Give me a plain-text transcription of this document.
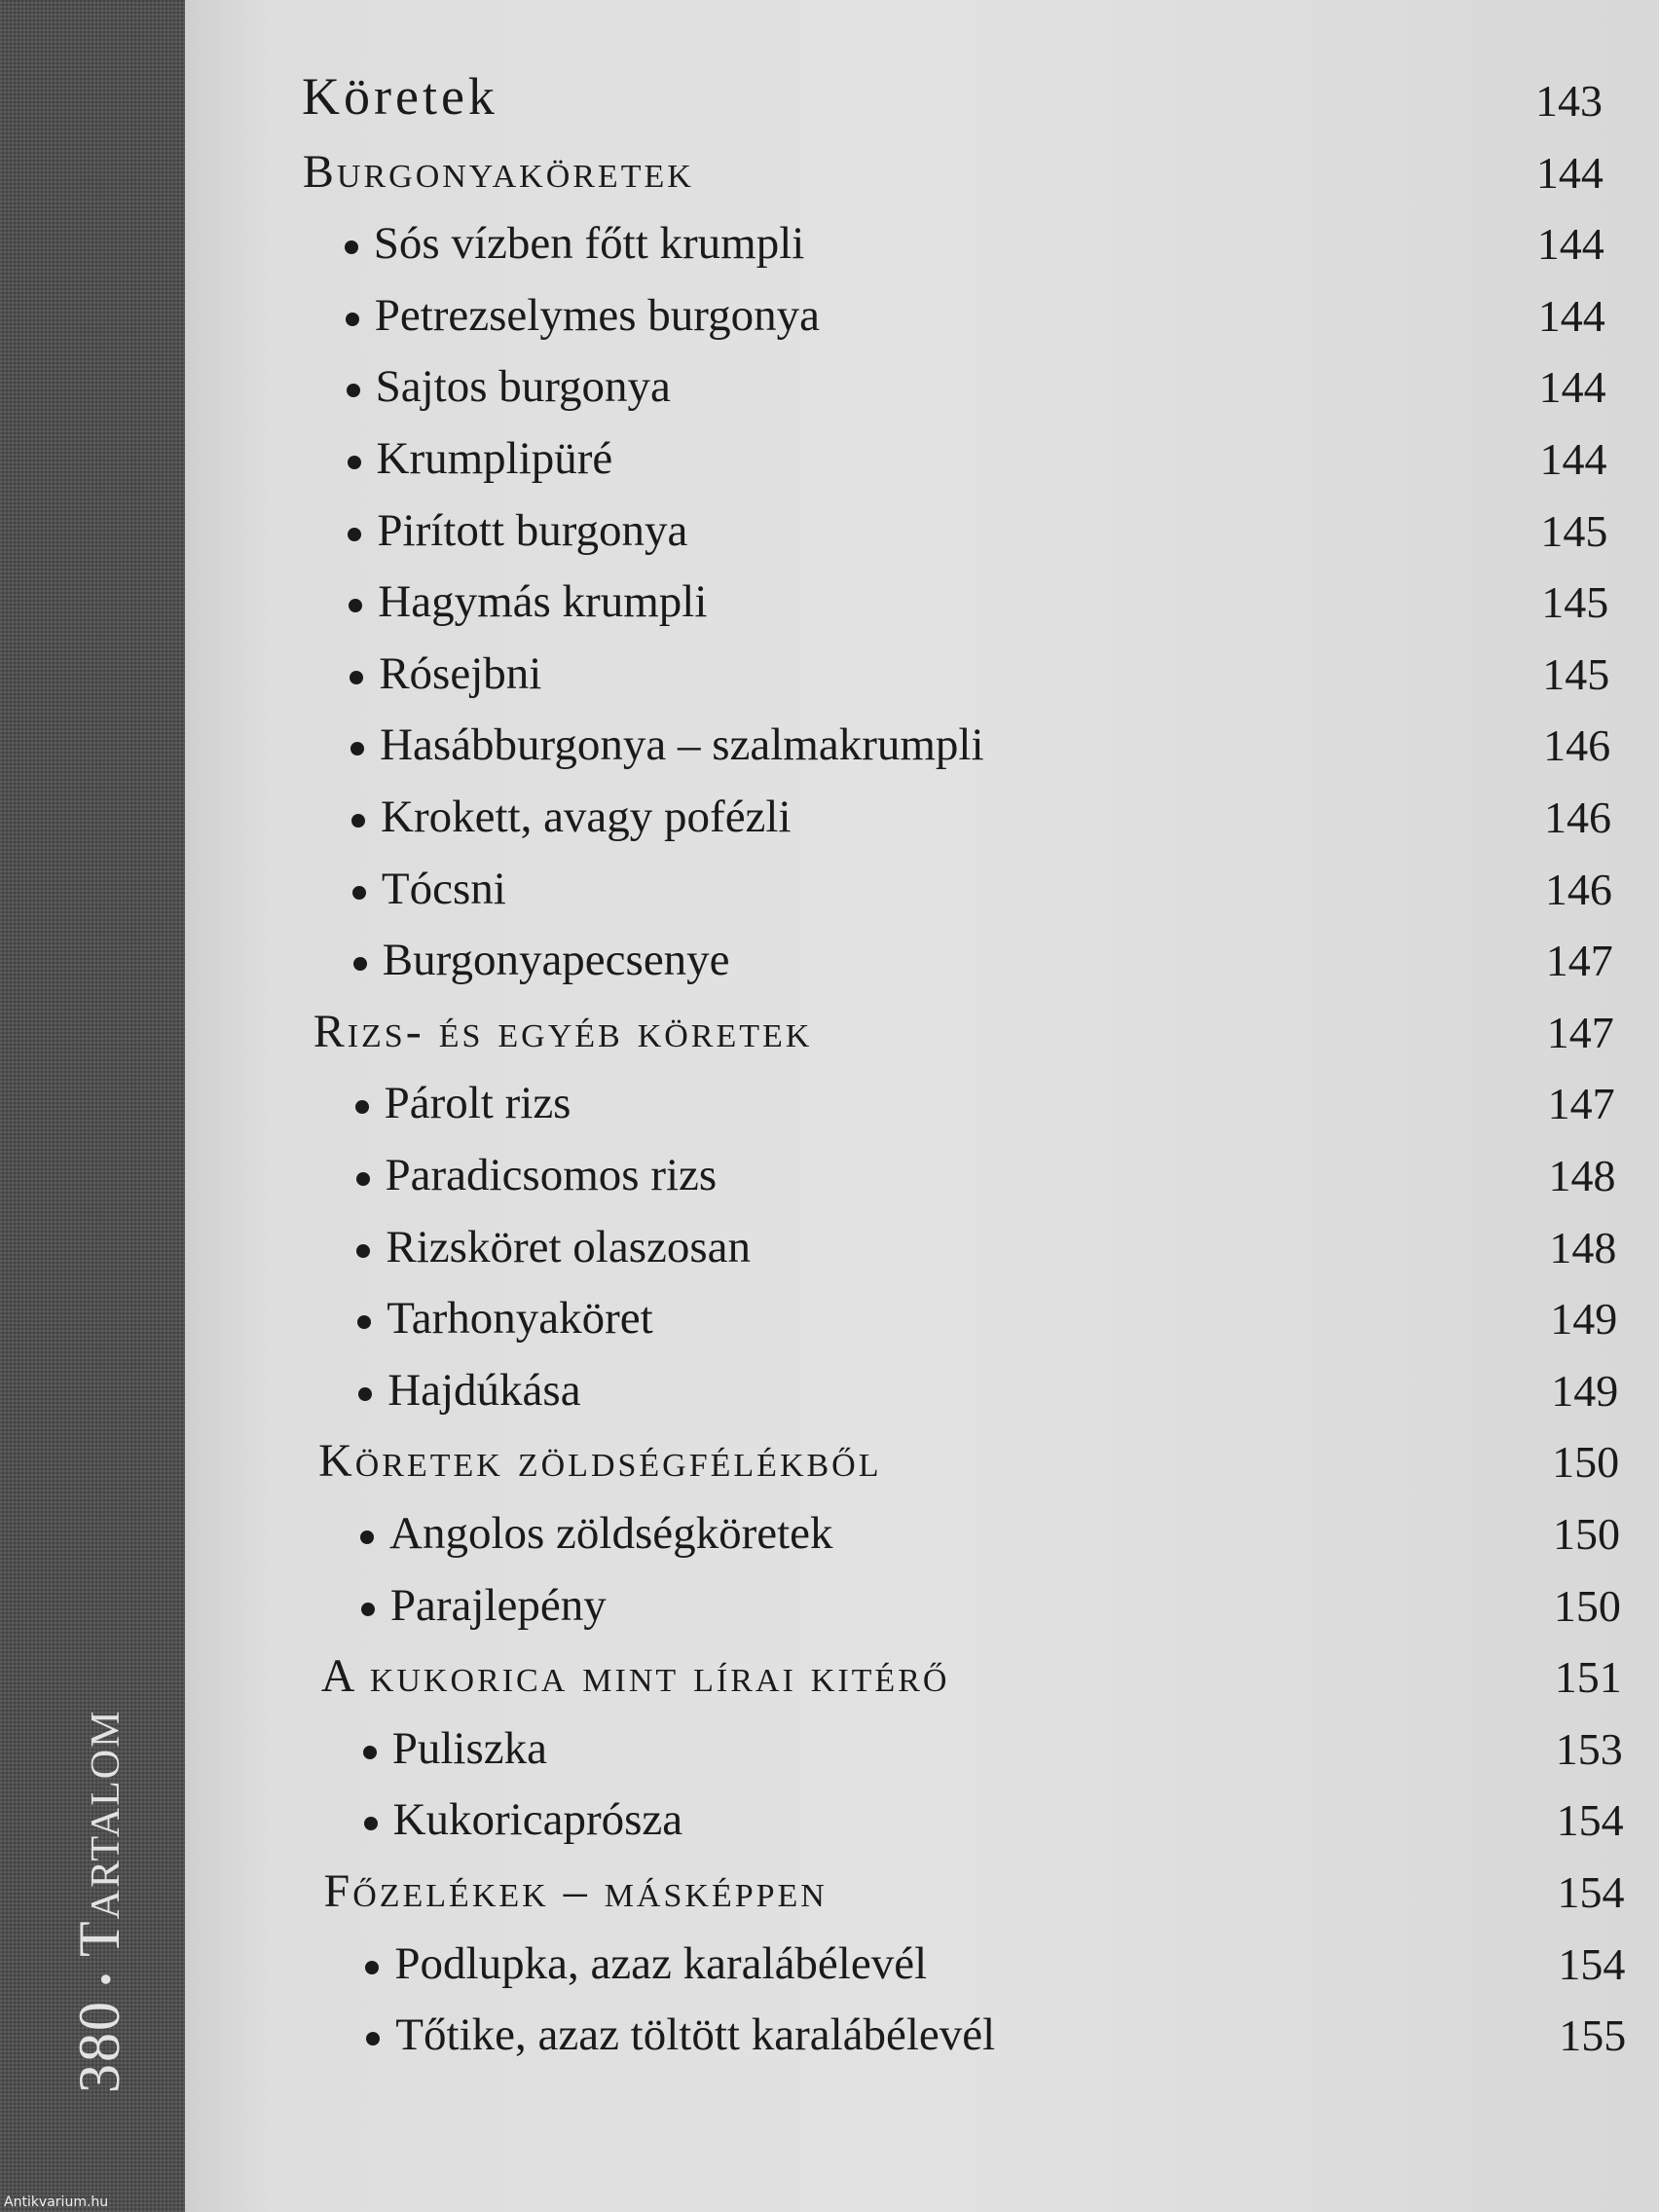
380•Tartalom
Antikvarium.hu
Köretek	143
Burgonyaköretek	144
Sós vízben főtt krumpli	144
Petrezselymes burgonya	144
Sajtos burgonya	144
Krumplipüré	144
Pirított burgonya	145
Hagymás krumpli	145
Rósejbni	145
Hasábburgonya – szalmakrumpli	146
Krokett, avagy pofézli	146
Tócsni	146
Burgonyapecsenye	147
Rizs- és egyéb köretek	147
Párolt rizs	147
Paradicsomos rizs	148
Rizsköret olaszosan	148
Tarhonyaköret	149
Hajdúkása	149
Köretek zöldségfélékből	150
Angolos zöldségköretek	150
Parajlepény	150
A kukorica mint lírai kitérő	151
Puliszka	153
Kukoricaprósza	154
Főzelékek – másképpen	154
Podlupka, azaz karalábélevél	154
Tőtike, azaz töltött karalábélevél	155
